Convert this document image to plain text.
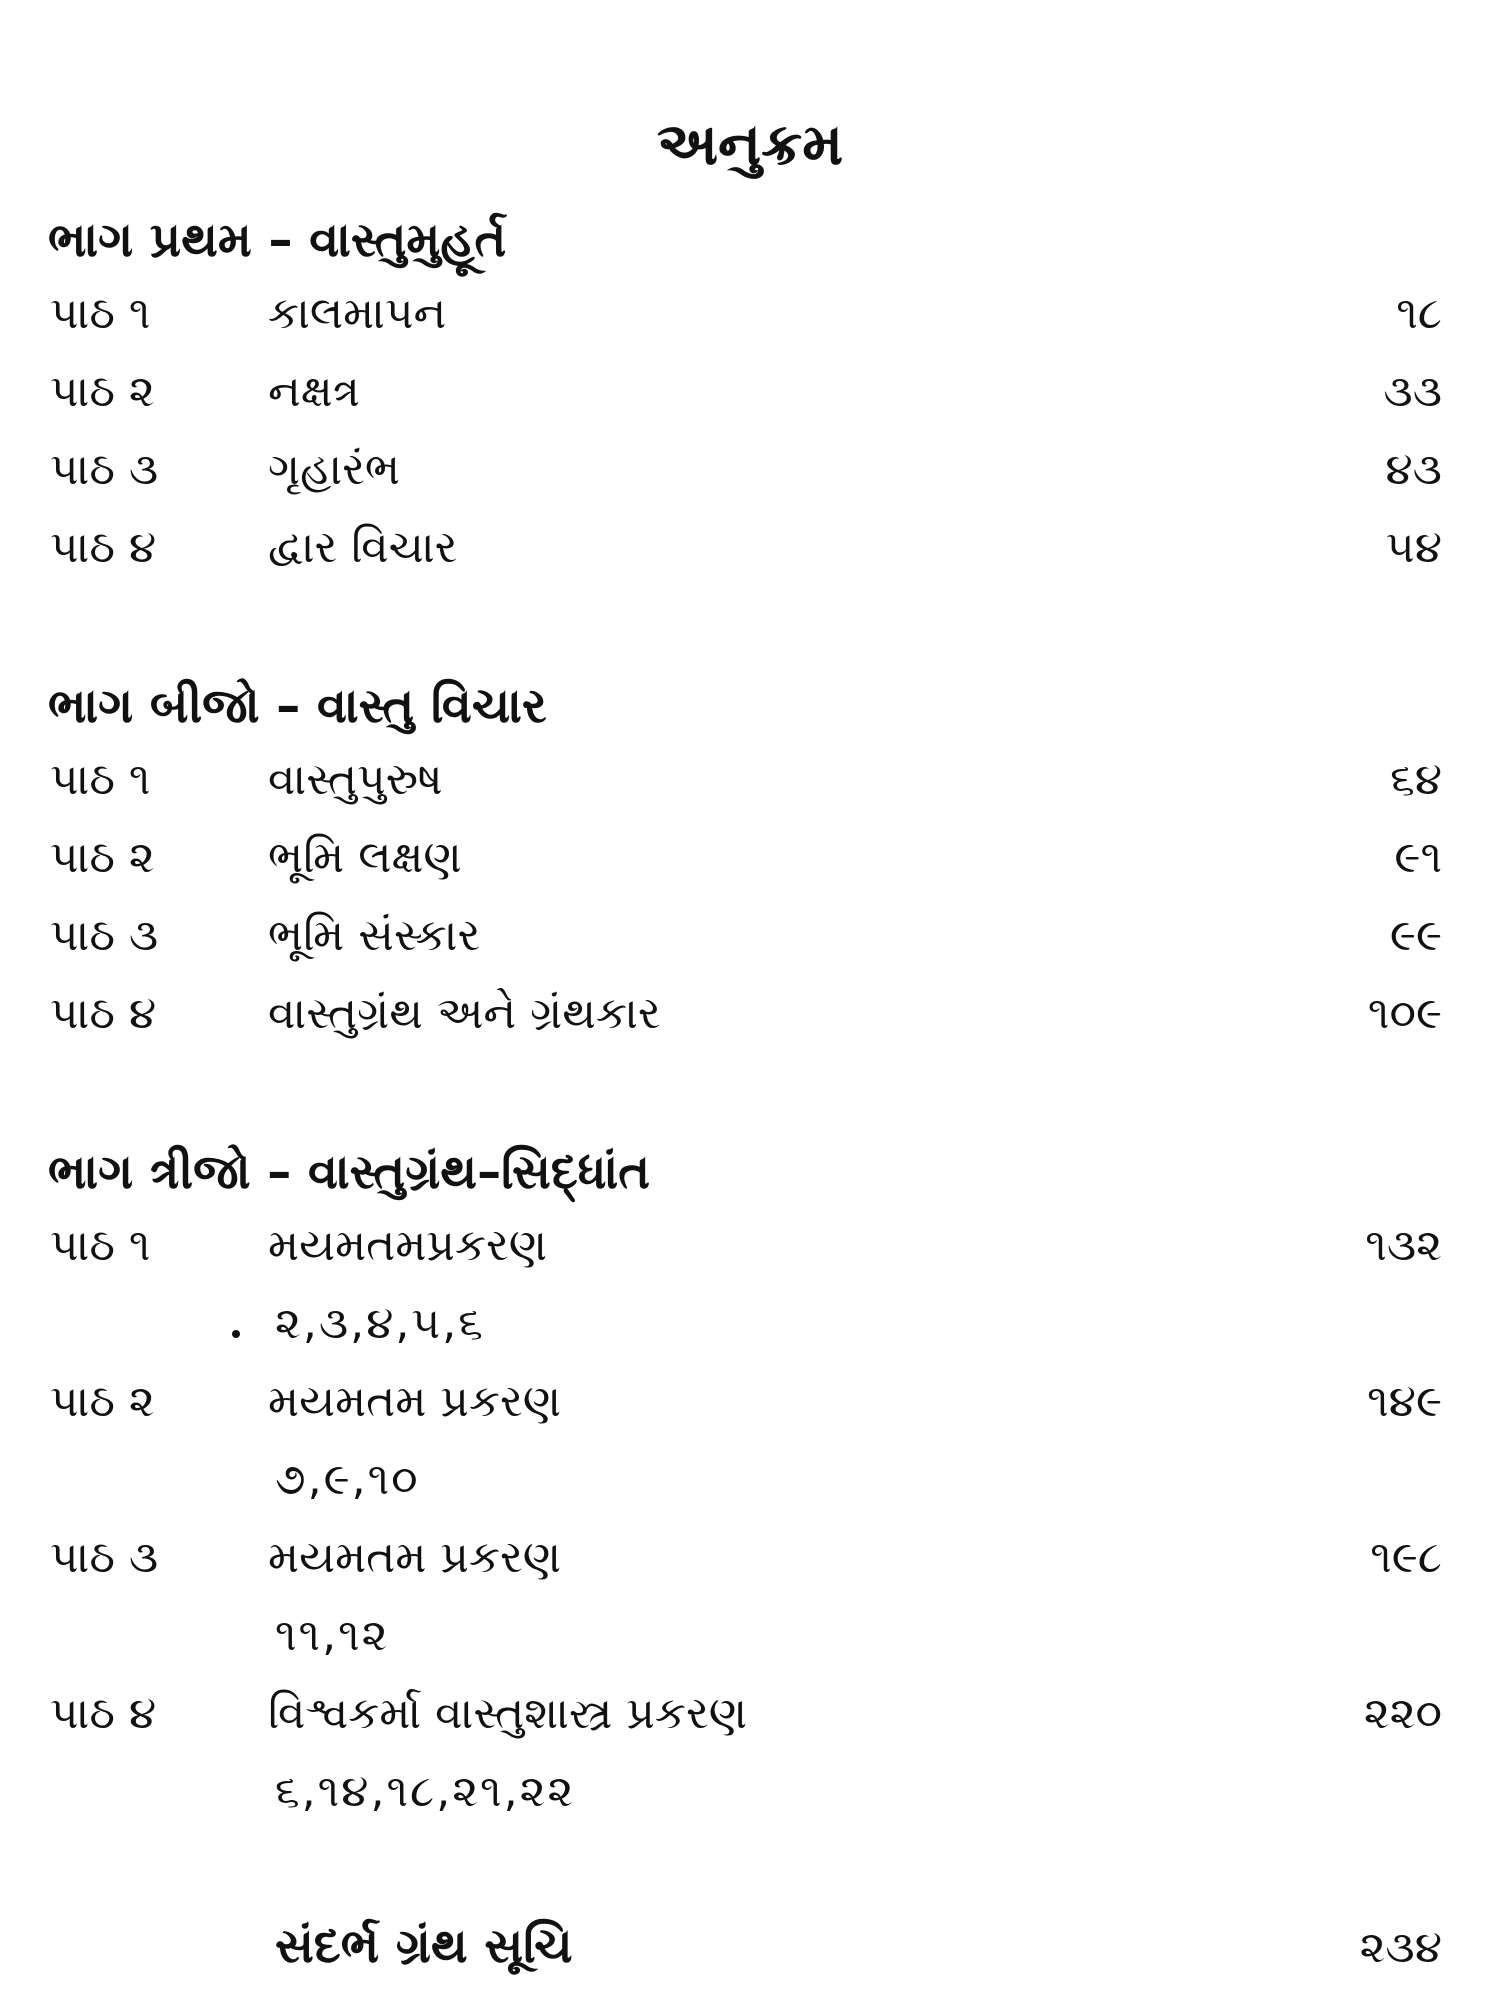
અનુક્રમ
ભાગ પ્રથમ – વાસ્તુમુહૂર્ત
પાઠ ૧	કાલમાપન	૧૮
પાઠ ૨	નક્ષત્ર	૩૩
પાઠ ૩ ગૃહારંભ	૪૩
પાઠ ૪	દ્વાર વિચાર	૫૪
ભાગ બીજો – વાસ્તુ વિચાર
પાઠ ૧	વાસ્તુપુરુષ	૬૪
પાઠ ૨	ભૂમિ લક્ષણ	૯૧
પાઠ ૩ ભૂમિ સંસ્કાર	૯૯
પાઠ ૪	વાસ્તુગ્રંથ અને ગ્રંથકાર	૧૦૯
ભાગ ત્રીજો – વાસ્તુગ્રંથ–સિદ્ધાંત
પાઠ ૧	મયમતમપ્રકરણ	૧૩૨
૨,૩,૪,૫,૬
પાઠ ૨	મયમતમ પ્રકરણ	૧૪૯
૭,૯,૧૦
પાઠ ૩ મયમતમ પ્રકરણ	૧૯૮
૧૧,૧૨
પાઠ ૪	વિશ્વકર્મા વાસ્તુશાસ્ત્ર પ્રકરણ	૨૨૦
૬,૧૪,૧૮,૨૧,૨૨
સંદર્ભ ગ્રંથ સૂચિ	૨૩૪
